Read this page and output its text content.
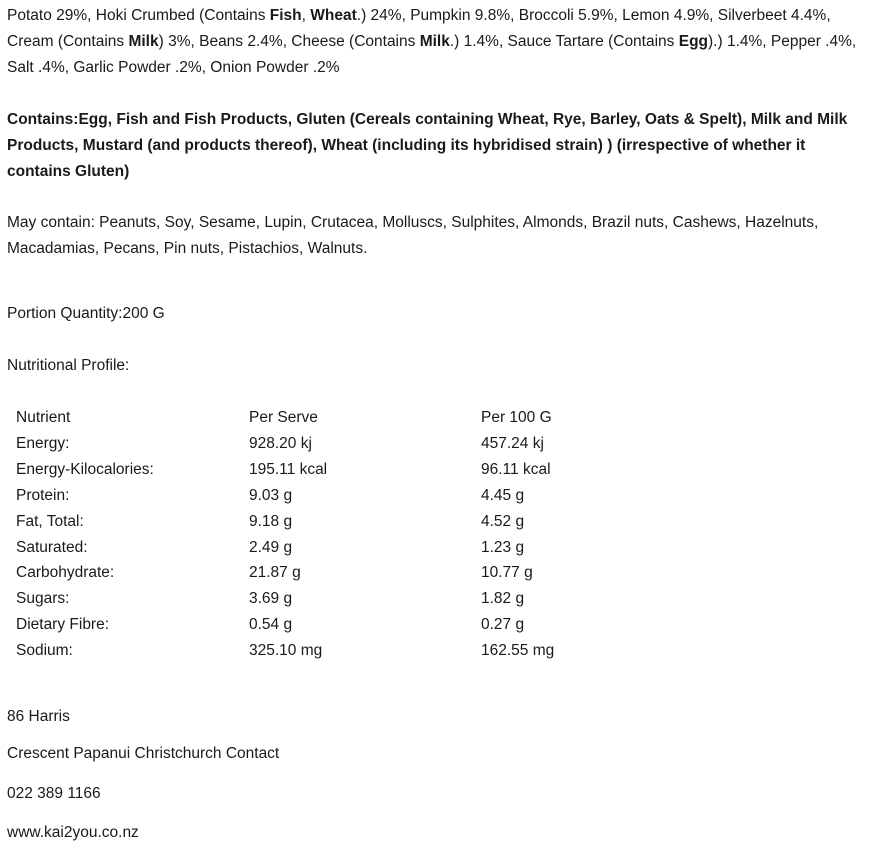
Potato 29%, Hoki Crumbed (Contains Fish, Wheat.) 24%, Pumpkin 9.8%, Broccoli 5.9%, Lemon 4.9%, Silverbeet 4.4%, Cream (Contains Milk) 3%, Beans 2.4%, Cheese (Contains Milk.) 1.4%, Sauce Tartare (Contains Egg).) 1.4%, Pepper .4%, Salt .4%, Garlic Powder .2%, Onion Powder .2%

Contains:Egg, Fish and Fish Products, Gluten (Cereals containing Wheat, Rye, Barley, Oats & Spelt), Milk and Milk Products, Mustard (and products thereof), Wheat (including its hybridised strain) ) (irrespective of whether it contains Gluten)

May contain: Peanuts, Soy, Sesame, Lupin, Crutacea, Molluscs, Sulphites, Almonds, Brazil nuts, Cashews, Hazelnuts, Macadamias, Pecans, Pin nuts, Pistachios, Walnuts.

Portion Quantity:200 G

Nutritional Profile:

Nutrient	Per Serve	Per 100 G
Energy:	928.20 kj	457.24 kj
Energy-Kilocalories:	195.11 kcal	96.11 kcal
Protein:	9.03 g	4.45 g
Fat, Total:	9.18 g	4.52 g
Saturated:	2.49 g	1.23 g
Carbohydrate:	21.87 g	10.77 g
Sugars:	3.69 g	1.82 g
Dietary Fibre:	0.54 g	0.27 g
Sodium:	325.10 mg	162.55 mg

86 Harris

Crescent Papanui Christchurch Contact

022 389 1166

www.kai2you.co.nz
